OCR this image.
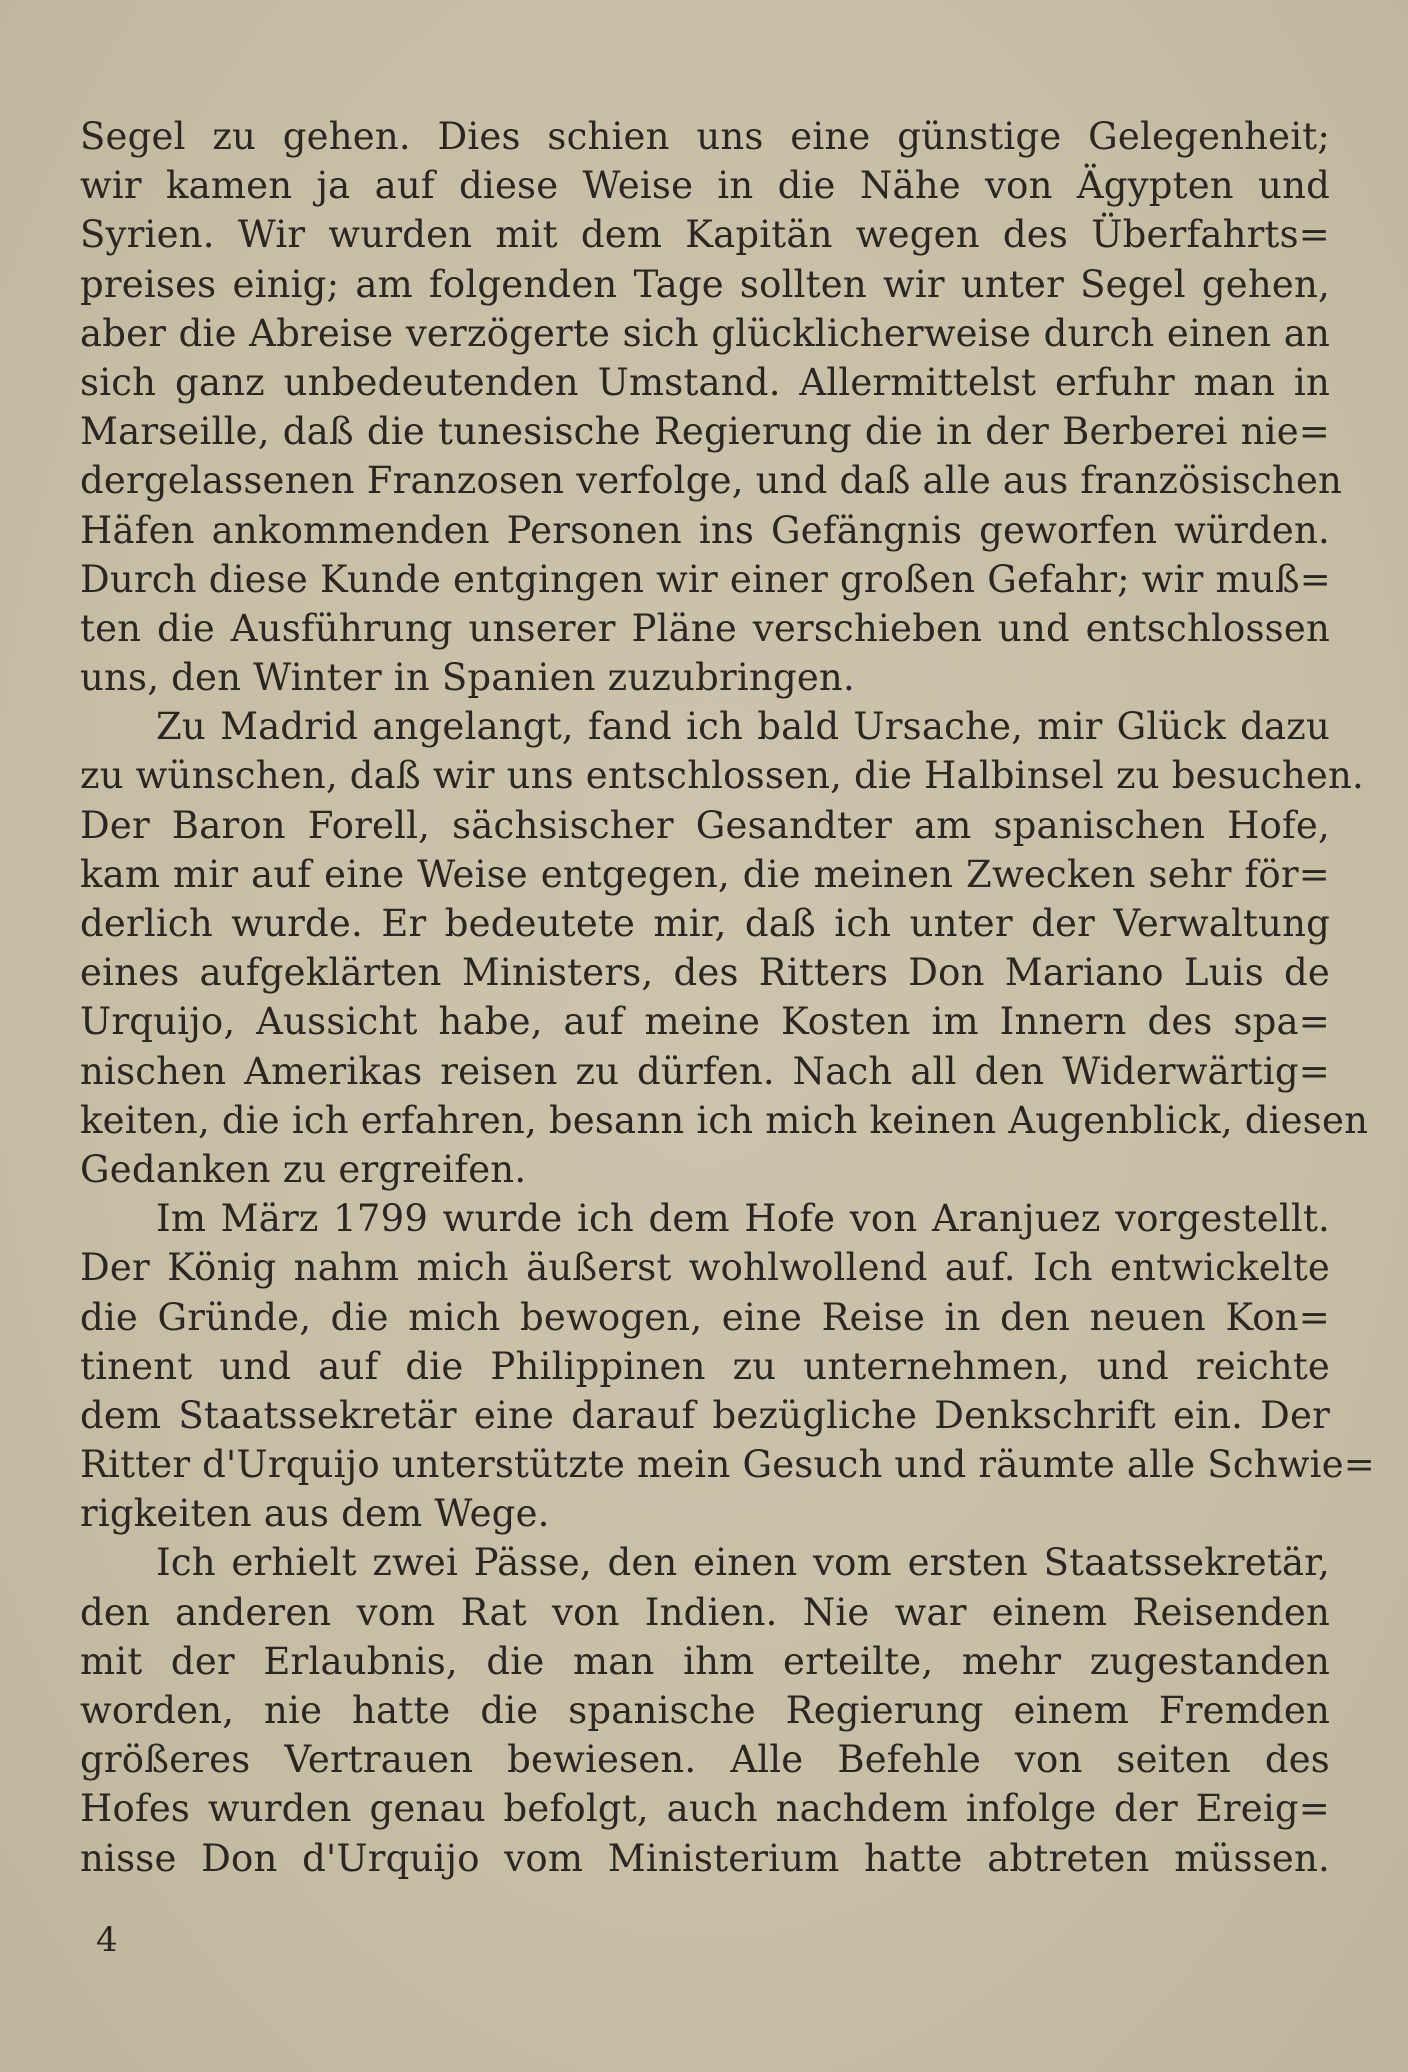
Segel zu gehen. Dies schien uns eine günstige Gelegenheit;
wir kamen ja auf diese Weise in die Nähe von Ägypten und
Syrien. Wir wurden mit dem Kapitän wegen des Überfahrts=
preises einig; am folgenden Tage sollten wir unter Segel gehen,
aber die Abreise verzögerte sich glücklicherweise durch einen an
sich ganz unbedeutenden Umstand. Allermittelst erfuhr man in
Marseille, daß die tunesische Regierung die in der Berberei nie=
dergelassenen Franzosen verfolge, und daß alle aus französischen
Häfen ankommenden Personen ins Gefängnis geworfen würden.
Durch diese Kunde entgingen wir einer großen Gefahr; wir muß=
ten die Ausführung unserer Pläne verschieben und entschlossen
uns, den Winter in Spanien zuzubringen.
Zu Madrid angelangt, fand ich bald Ursache, mir Glück dazu
zu wünschen, daß wir uns entschlossen, die Halbinsel zu besuchen.
Der Baron Forell, sächsischer Gesandter am spanischen Hofe,
kam mir auf eine Weise entgegen, die meinen Zwecken sehr för=
derlich wurde. Er bedeutete mir, daß ich unter der Verwaltung
eines aufgeklärten Ministers, des Ritters Don Mariano Luis de
Urquijo, Aussicht habe, auf meine Kosten im Innern des spa=
nischen Amerikas reisen zu dürfen. Nach all den Widerwärtig=
keiten, die ich erfahren, besann ich mich keinen Augenblick, diesen
Gedanken zu ergreifen.
Im März 1799 wurde ich dem Hofe von Aranjuez vorgestellt.
Der König nahm mich äußerst wohlwollend auf. Ich entwickelte
die Gründe, die mich bewogen, eine Reise in den neuen Kon=
tinent und auf die Philippinen zu unternehmen, und reichte
dem Staatssekretär eine darauf bezügliche Denkschrift ein. Der
Ritter d'Urquijo unterstützte mein Gesuch und räumte alle Schwie=
rigkeiten aus dem Wege.
Ich erhielt zwei Pässe, den einen vom ersten Staatssekretär,
den anderen vom Rat von Indien. Nie war einem Reisenden
mit der Erlaubnis, die man ihm erteilte, mehr zugestanden
worden, nie hatte die spanische Regierung einem Fremden
größeres Vertrauen bewiesen. Alle Befehle von seiten des
Hofes wurden genau befolgt, auch nachdem infolge der Ereig=
nisse Don d'Urquijo vom Ministerium hatte abtreten müssen.
4
